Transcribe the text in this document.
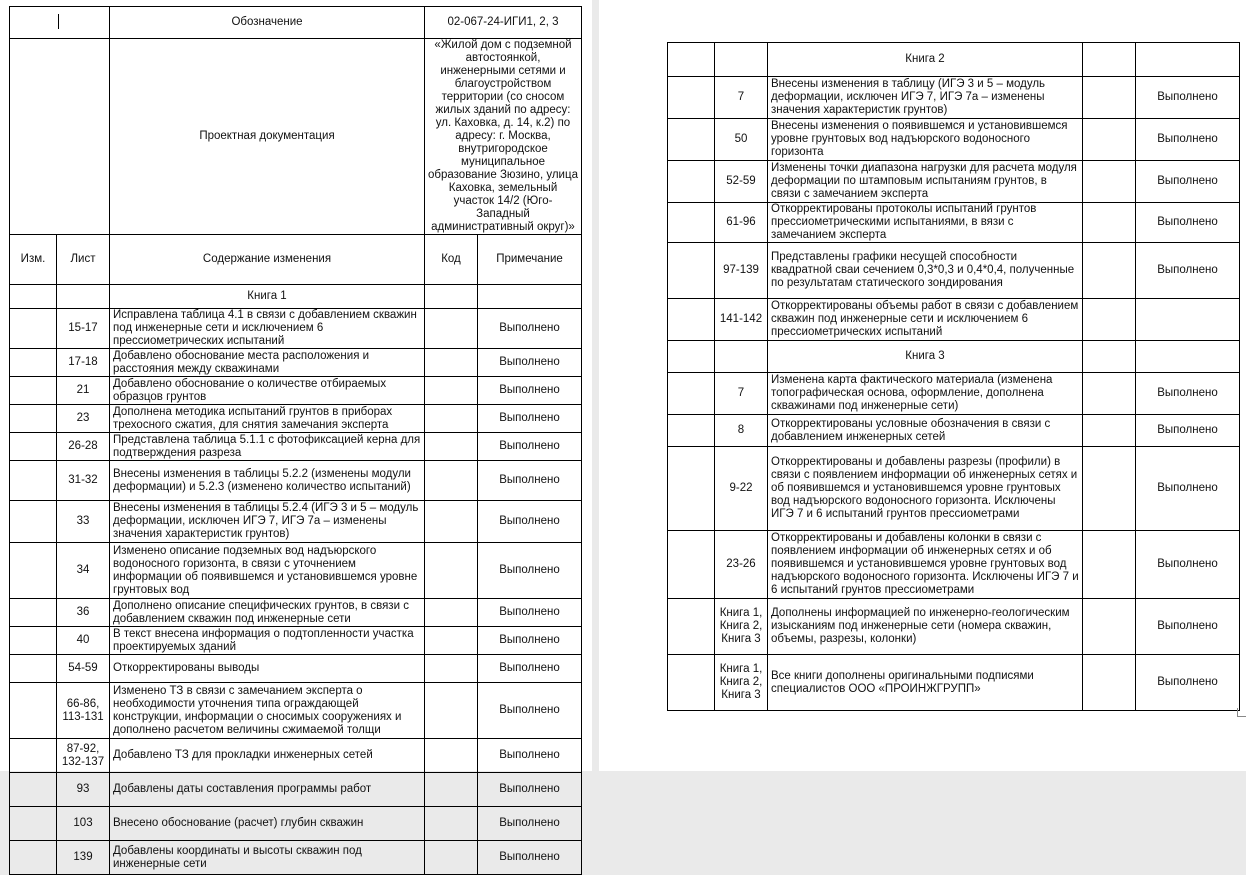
		Обозначение	02-067-24-ИГИ1, 2, 3	
		Проектная документация	«Жилой дом с подземной автостоянкой, инженерными сетями и благоустройством территории (со сносом жилых зданий по адресу: ул. Каховка, д. 14, к.2) по адресу: г. Москва, внутригородское муниципальное образование Зюзино, улица Каховка, земельный участок 14/2 (Юго-Западный административный округ)»	
Изм.	Лист	Содержание изменения	Код	Примечание
		Книга 1		
	15-17	Исправлена таблица 4.1 в связи с добавлением скважин под инженерные сети и исключением 6 прессиометрических испытаний		Выполнено
	17-18	Добавлено обоснование места расположения и расстояния между скважинами		Выполнено
	21	Добавлено обоснование о количестве отбираемых образцов грунтов		Выполнено
	23	Дополнена методика испытаний грунтов в приборах трехосного сжатия, для снятия замечания эксперта		Выполнено
	26-28	Представлена таблица 5.1.1 с фотофиксацией керна для подтверждения разреза		Выполнено
	31-32	Внесены изменения в таблицы 5.2.2 (изменены модули деформации) и 5.2.3 (изменено количество испытаний)		Выполнено
	33	Внесены изменения в таблицы 5.2.4 (ИГЭ 3 и 5 – модуль деформации, исключен ИГЭ 7, ИГЭ 7а – изменены значения характеристик грунтов)		Выполнено
	34	Изменено описание подземных вод надъюрского водоносного горизонта, в связи с уточнением информации об появившемся и установившемся уровне грунтовых вод		Выполнено
	36	Дополнено описание специфических грунтов, в связи с добавлением скважин под инженерные сети		Выполнено
	40	В текст внесена информация о подтопленности участка проектируемых зданий		Выполнено
	54-59	Откорректированы выводы		Выполнено
	66-86, 113-131	Изменено ТЗ в связи с замечанием эксперта о необходимости уточнения типа ограждающей конструкции, информации о сносимых сооружениях и дополнено расчетом величины сжимаемой толщи		Выполнено
	87-92, 132-137	Добавлено ТЗ для прокладки инженерных сетей		Выполнено
	93	Добавлены даты составления программы работ		Выполнено
	103	Внесено обоснование (расчет) глубин скважин		Выполнено
	139	Добавлены координаты и высоты скважин под инженерные сети		Выполнено
		Книга 2		
	7	Внесены изменения в таблицу (ИГЭ 3 и 5 – модуль деформации, исключен ИГЭ 7, ИГЭ 7а – изменены значения характеристик грунтов)		Выполнено
	50	Внесены изменения о появившемся и установившемся уровне грунтовых вод надъюрского водоносного горизонта		Выполнено
	52-59	Изменены точки диапазона нагрузки для расчета модуля деформации по штамповым испытаниям грунтов, в связи с замечанием эксперта		Выполнено
	61-96	Откорректированы протоколы испытаний грунтов прессиометрическими испытаниями, в вязи с замечанием эксперта		Выполнено
	97-139	Представлены графики несущей способности квадратной сваи сечением 0,3*0,3 и 0,4*0,4, полученные по результатам статического зондирования		Выполнено
	141-142	Откорректированы объемы работ в связи с добавлением скважин под инженерные сети и исключением 6 прессиометрических испытаний		
		Книга 3		
	7	Изменена карта фактического материала (изменена топографическая основа, оформление, дополнена скважинами под инженерные сети)		Выполнено
	8	Откорректированы условные обозначения в связи с добавлением инженерных сетей		Выполнено
	9-22	Откорректированы и добавлены разрезы (профили) в связи с появлением информации об инженерных сетях и об появившемся и установившемся уровне грунтовых вод надъюрского водоносного горизонта. Исключены ИГЭ 7 и 6 испытаний грунтов прессиометрами		Выполнено
	23-26	Откорректированы и добавлены колонки в связи с появлением информации об инженерных сетях и об появившемся и установившемся уровне грунтовых вод надъюрского водоносного горизонта. Исключены ИГЭ 7 и 6 испытаний грунтов прессиометрами		Выполнено
	Книга 1, Книга 2, Книга 3	Дополнены информацией по инженерно-геологическим изысканиям под инженерные сети (номера скважин, объемы, разрезы, колонки)		Выполнено
	Книга 1, Книга 2, Книга 3	Все книги дополнены оригинальными подписями специалистов ООО «ПРОИНЖГРУПП»		Выполнено
